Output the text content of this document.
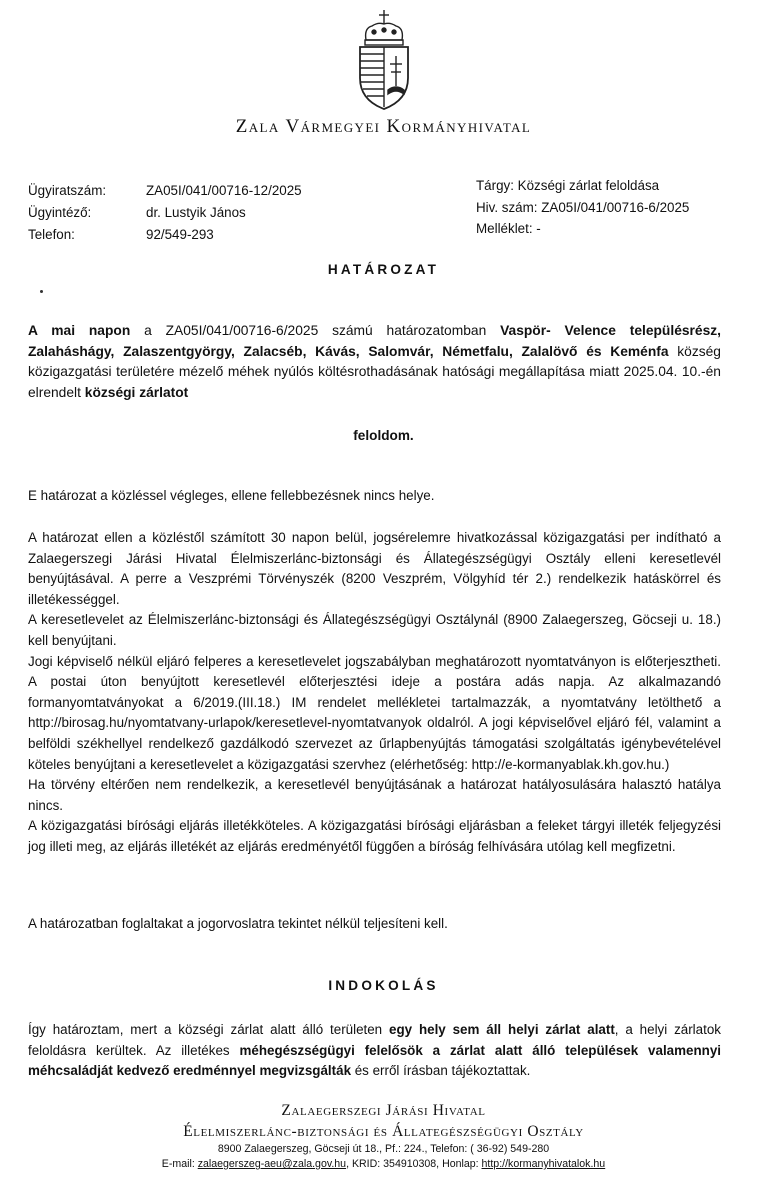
Zala Vármegyei Kormányhivatal
Ügyiratszám:	ZA05I/041/00716-12/2025
Ügyintéző:	dr. Lustyik János
Telefon:	92/549-293
Tárgy: Községi zárlat feloldása
Hiv. szám: ZA05I/041/00716-6/2025
Melléklet: -
HATÁROZAT

A mai napon a ZA05I/041/00716-6/2025 számú határozatomban Vaspör- Velence településrész, Zalaháshágy, Zalaszentgyörgy, Zalacséb, Kávás, Salomvár, Németfalu, Zalalövő és Keménfa község közigazgatási területére mézelő méhek nyúlós költésrothadásának hatósági megállapítása miatt 2025.04. 10.-én elrendelt községi zárlatot

feloldom.

E határozat a közléssel végleges, ellene fellebbezésnek nincs helye.

A határozat ellen a közléstől számított 30 napon belül, jogsérelemre hivatkozással közigazgatási per indítható a Zalaegerszegi Járási Hivatal Élelmiszerlánc-biztonsági és Állategészségügyi Osztály elleni keresetlevél benyújtásával. A perre a Veszprémi Törvényszék (8200 Veszprém, Völgyhíd tér 2.) rendelkezik hatáskörrel és illetékességgel.

A keresetlevelet az Élelmiszerlánc-biztonsági és Állategészségügyi Osztálynál (8900 Zalaegerszeg, Göcseji u. 18.) kell benyújtani.

Jogi képviselő nélkül eljáró felperes a keresetlevelet jogszabályban meghatározott nyomtatványon is előterjesztheti. A postai úton benyújtott keresetlevél előterjesztési ideje a postára adás napja. Az alkalmazandó formanyomtatványokat a 6/2019.(III.18.) IM rendelet mellékletei tartalmazzák, a nyomtatvány letölthető a http://birosag.hu/nyomtatvany-urlapok/keresetlevel-nyomtatvanyok oldalról. A jogi képviselővel eljáró fél, valamint a belföldi székhellyel rendelkező gazdálkodó szervezet az űrlapbenyújtás támogatási szolgáltatás igénybevételével köteles benyújtani a keresetlevelet a közigazgatási szervhez (elérhetőség: http://e-kormanyablak.kh.gov.hu.)

Ha törvény eltérően nem rendelkezik, a keresetlevél benyújtásának a határozat hatályosulására halasztó hatálya nincs.

A közigazgatási bírósági eljárás illetékköteles. A közigazgatási bírósági eljárásban a feleket tárgyi illeték feljegyzési jog illeti meg, az eljárás illetékét az eljárás eredményétől függően a bíróság felhívására utólag kell megfizetni.

A határozatban foglaltakat a jogorvoslatra tekintet nélkül teljesíteni kell.

INDOKOLÁS

Így határoztam, mert a községi zárlat alatt álló területen egy hely sem áll helyi zárlat alatt, a helyi zárlatok feloldásra kerültek. Az illetékes méhegészségügyi felelősök a zárlat alatt álló települések valamennyi méhcsaládját kedvező eredménnyel megvizsgálták és erről írásban tájékoztattak.

Zalaegerszegi Járási Hivatal
Élelmiszerlánc-biztonsági és Állategészségügyi Osztály
8900 Zalaegerszeg, Göcseji út 18., Pf.: 224., Telefon: ( 36-92) 549-280
E-mail: zalaegerszeg-aeu@zala.gov.hu, KRID: 354910308, Honlap: http://kormanyhivatalok.hu
